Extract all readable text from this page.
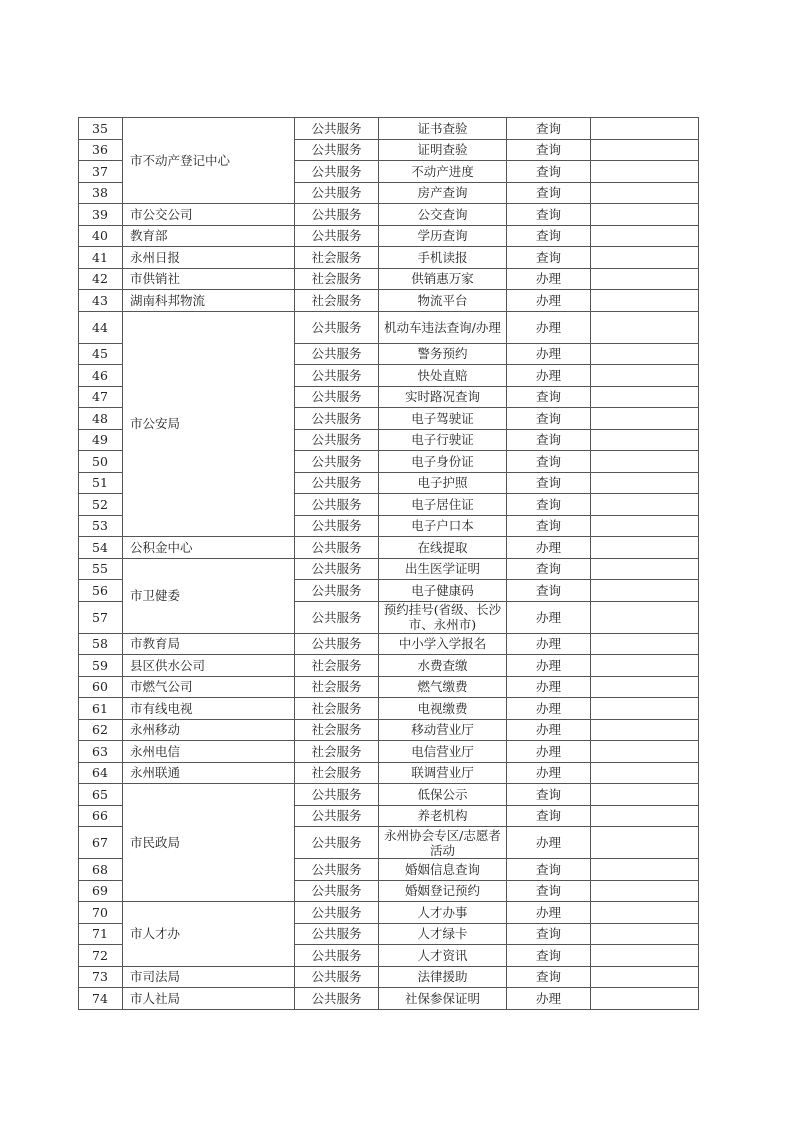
35	市不动产登记中心	公共服务	证书查验	查询	
36		公共服务	证明查验	查询	
37		公共服务	不动产进度	查询	
38		公共服务	房产查询	查询	
39	市公交公司	公共服务	公交查询	查询	
40	教育部	公共服务	学历查询	查询	
41	永州日报	社会服务	手机读报	查询	
42	市供销社	社会服务	供销惠万家	办理	
43	湖南科邦物流	社会服务	物流平台	办理	
44	市公安局	公共服务	机动车违法查询/办理	办理	
45		公共服务	警务预约	办理	
46		公共服务	快处直赔	办理	
47		公共服务	实时路况查询	查询	
48		公共服务	电子驾驶证	查询	
49		公共服务	电子行驶证	查询	
50		公共服务	电子身份证	查询	
51		公共服务	电子护照	查询	
52		公共服务	电子居住证	查询	
53		公共服务	电子户口本	查询	
54	公积金中心	公共服务	在线提取	办理	
55	市卫健委	公共服务	出生医学证明	查询	
56		公共服务	电子健康码	查询	
57		公共服务	预约挂号(省级、长沙市、永州市)	办理	
58	市教育局	公共服务	中小学入学报名	办理	
59	县区供水公司	社会服务	水费查缴	办理	
60	市燃气公司	社会服务	燃气缴费	办理	
61	市有线电视	社会服务	电视缴费	办理	
62	永州移动	社会服务	移动营业厅	办理	
63	永州电信	社会服务	电信营业厅	办理	
64	永州联通	社会服务	联调营业厅	办理	
65	市民政局	公共服务	低保公示	查询	
66		公共服务	养老机构	查询	
67		公共服务	永州协会专区/志愿者活动	办理	
68		公共服务	婚姻信息查询	查询	
69		公共服务	婚姻登记预约	查询	
70	市人才办	公共服务	人才办事	办理	
71		公共服务	人才绿卡	查询	
72		公共服务	人才资讯	查询	
73	市司法局	公共服务	法律援助	查询	
74	市人社局	公共服务	社保参保证明	办理	
